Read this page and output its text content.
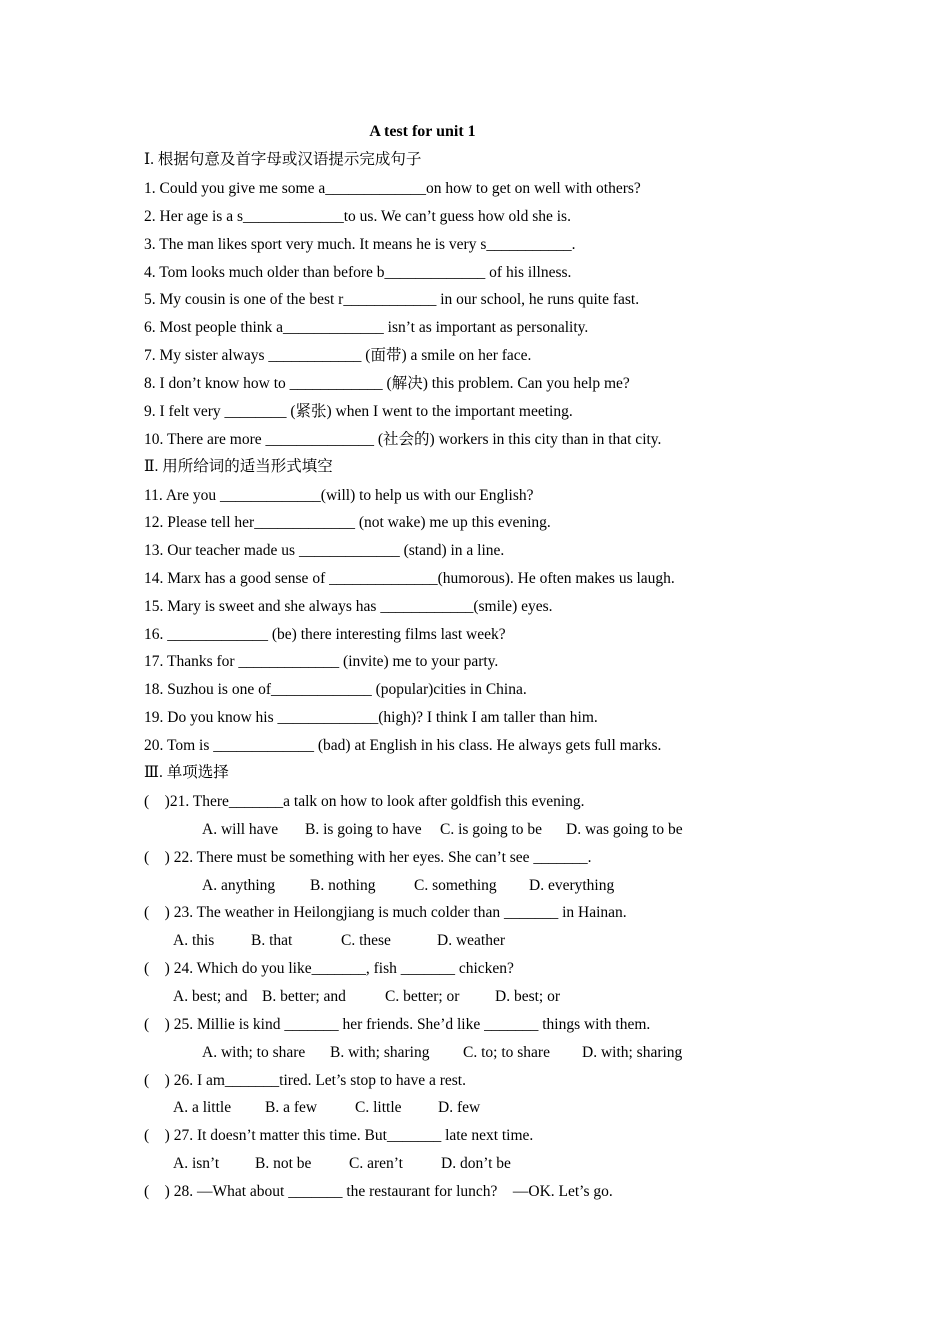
A test for unit 1
Ⅰ. 根据句意及首字母或汉语提示完成句子
1. Could you give me some a_____________on how to get on well with others?
2. Her age is a s_____________to us. We can’t guess how old she is.
3. The man likes sport very much. It means he is very s___________.
4. Tom looks much older than before b_____________ of his illness.
5. My cousin is one of the best r____________ in our school, he runs quite fast.
6. Most people think a_____________ isn’t as important as personality.
7. My sister always ____________ (面带) a smile on her face.
8. I don’t know how to ____________ (解决) this problem. Can you help me?
9. I felt very ________ (紧张) when I went to the important meeting.
10. There are more ______________ (社会的) workers in this city than in that city.
Ⅱ. 用所给词的适当形式填空
11. Are you _____________(will) to help us with our English?
12. Please tell her_____________ (not wake) me up this evening.
13. Our teacher made us _____________ (stand) in a line.
14. Marx has a good sense of ______________(humorous). He often makes us laugh.
15. Mary is sweet and she always has ____________(smile) eyes.
16. _____________ (be) there interesting films last week?
17. Thanks for _____________ (invite) me to your party.
18. Suzhou is one of_____________ (popular)cities in China.
19. Do you know his _____________(high)? I think I am taller than him.
20. Tom is _____________ (bad) at English in his class. He always gets full marks.
Ⅲ. 单项选择
(    )21. There_______a talk on how to look after goldfish this evening.
A. will have B. is going to have C. is going to be D. was going to be
(    ) 22. There must be something with her eyes. She can’t see _______.
A. anything B. nothing C. something D. everything
(    ) 23. The weather in Heilongjiang is much colder than _______ in Hainan.
A. this B. that	C. these	D. weather
(    ) 24. Which do you like_______, fish _______ chicken?
A. best; and B. better; and	C. better; or D. best; or
(    ) 25. Millie is kind _______ her friends. She’d like _______ things with them.
A. with; to share B. with; sharing C. to; to share D. with; sharing
(    ) 26. I am_______tired. Let’s stop to have a rest.
A. a little B. a few C. little D. few
(    ) 27. It doesn’t matter this time. But_______ late next time.
A. isn’t B. not be C. aren’t D. don’t be
(    ) 28. —What about _______ the restaurant for lunch?    —OK. Let’s go.
